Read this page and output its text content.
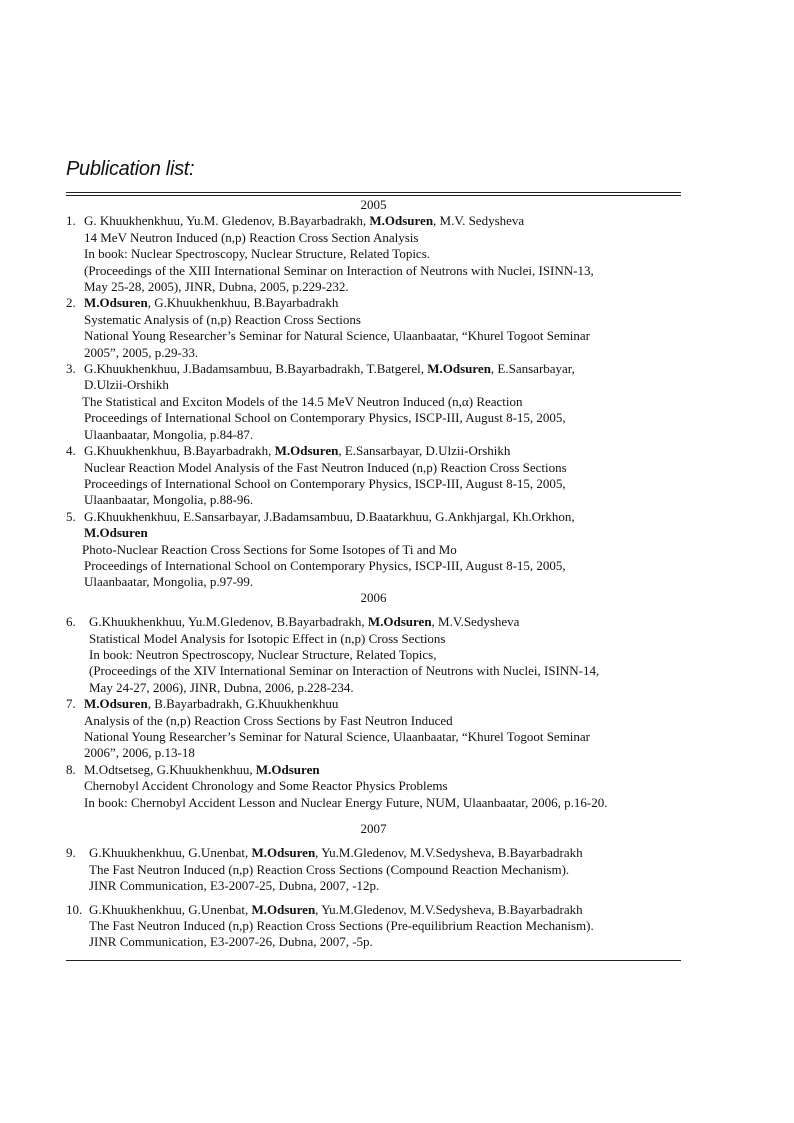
Publication list:
2005
1. G. Khuukhenkhuu, Yu.M. Gledenov, B.Bayarbadrakh, M.Odsuren, M.V. Sedysheva
14 MeV Neutron Induced (n,p) Reaction Cross Section Analysis
In book: Nuclear Spectroscopy, Nuclear Structure, Related Topics.
(Proceedings of the XIII International Seminar on Interaction of Neutrons with Nuclei, ISINN-13,
May 25-28, 2005), JINR, Dubna, 2005, p.229-232.
2. M.Odsuren, G.Khuukhenkhuu, B.Bayarbadrakh
Systematic Analysis of (n,p) Reaction Cross Sections
National Young Researcher’s Seminar for Natural Science, Ulaanbaatar, “Khurel Togoot Seminar
2005”, 2005, p.29-33.
3. G.Khuukhenkhuu, J.Badamsambuu, B.Bayarbadrakh, T.Batgerel, M.Odsuren, E.Sansarbayar,
D.Ulzii-Orshikh
The Statistical and Exciton Models of the 14.5 MeV Neutron Induced (n,α) Reaction
Proceedings of International School on Contemporary Physics, ISCP-III, August 8-15, 2005,
Ulaanbaatar, Mongolia, p.84-87.
4. G.Khuukhenkhuu, B.Bayarbadrakh, M.Odsuren, E.Sansarbayar, D.Ulzii-Orshikh
Nuclear Reaction Model Analysis of the Fast Neutron Induced (n,p) Reaction Cross Sections
Proceedings of International School on Contemporary Physics, ISCP-III, August 8-15, 2005,
Ulaanbaatar, Mongolia, p.88-96.
5. G.Khuukhenkhuu, E.Sansarbayar, J.Badamsambuu, D.Baatarkhuu, G.Ankhjargal, Kh.Orkhon,
M.Odsuren
Photo-Nuclear Reaction Cross Sections for Some Isotopes of Ti and Mo
Proceedings of International School on Contemporary Physics, ISCP-III, August 8-15, 2005,
Ulaanbaatar, Mongolia, p.97-99.
2006
6. G.Khuukhenkhuu, Yu.M.Gledenov, B.Bayarbadrakh, M.Odsuren, M.V.Sedysheva
Statistical Model Analysis for Isotopic Effect in (n,p) Cross Sections
In book: Neutron Spectroscopy, Nuclear Structure, Related Topics,
(Proceedings of the XIV International Seminar on Interaction of Neutrons with Nuclei, ISINN-14,
May 24-27, 2006), JINR, Dubna, 2006, p.228-234.
7. M.Odsuren, B.Bayarbadrakh, G.Khuukhenkhuu
Analysis of the (n,p) Reaction Cross Sections by Fast Neutron Induced
National Young Researcher’s Seminar for Natural Science, Ulaanbaatar, “Khurel Togoot Seminar
2006”, 2006, p.13-18
8. M.Odtsetseg, G.Khuukhenkhuu, M.Odsuren
Chernobyl Accident Chronology and Some Reactor Physics Problems
In book: Chernobyl Accident Lesson and Nuclear Energy Future, NUM, Ulaanbaatar, 2006, p.16-20.
2007
9. G.Khuukhenkhuu, G.Unenbat, M.Odsuren, Yu.M.Gledenov, M.V.Sedysheva, B.Bayarbadrakh
The Fast Neutron Induced (n,p) Reaction Cross Sections (Compound Reaction Mechanism).
JINR Communication, E3-2007-25, Dubna, 2007, -12p.
10. G.Khuukhenkhuu, G.Unenbat, M.Odsuren, Yu.M.Gledenov, M.V.Sedysheva, B.Bayarbadrakh
The Fast Neutron Induced (n,p) Reaction Cross Sections (Pre-equilibrium Reaction Mechanism).
JINR Communication, E3-2007-26, Dubna, 2007, -5p.
